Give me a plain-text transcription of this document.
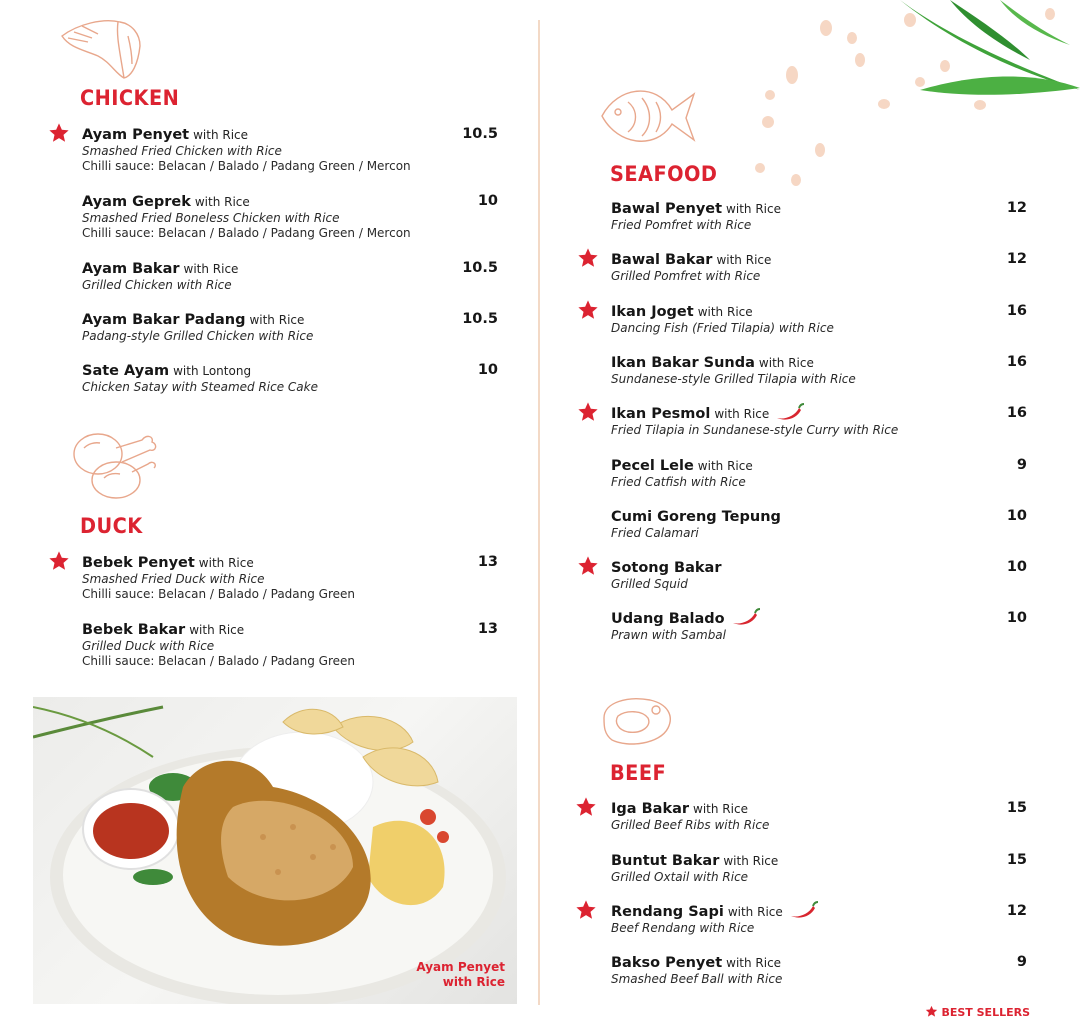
CHICKEN
Ayam Penyet with Rice
Smashed Fried Chicken with Rice
Chilli sauce: Belacan / Balado / Padang Green / Mercon
10.5
Ayam Geprek with Rice
Smashed Fried Boneless Chicken with Rice
Chilli sauce: Belacan / Balado / Padang Green / Mercon
10
Ayam Bakar with Rice
Grilled Chicken with Rice
10.5
Ayam Bakar Padang with Rice
Padang-style Grilled Chicken with Rice
10.5
Sate Ayam with Lontong
Chicken Satay with Steamed Rice Cake
10
DUCK
Bebek Penyet with Rice
Smashed Fried Duck with Rice
Chilli sauce: Belacan / Balado / Padang Green
13
Bebek Bakar with Rice
Grilled Duck with Rice
Chilli sauce: Belacan / Balado / Padang Green
13
Ayam Penyet
with Rice
SEAFOOD
Bawal Penyet with Rice
Fried Pomfret with Rice
12
Bawal Bakar with Rice
Grilled Pomfret with Rice
12
Ikan Joget with Rice
Dancing Fish (Fried Tilapia) with Rice
16
Ikan Bakar Sunda with Rice
Sundanese-style Grilled Tilapia with Rice
16
Ikan Pesmol with Rice
Fried Tilapia in Sundanese-style Curry with Rice
16
Pecel Lele with Rice
Fried Catfish with Rice
9
Cumi Goreng Tepung
Fried Calamari
10
Sotong Bakar
Grilled Squid
10
Udang Balado
Prawn with Sambal
10
BEEF
Iga Bakar with Rice
Grilled Beef Ribs with Rice
15
Buntut Bakar with Rice
Grilled Oxtail with Rice
15
Rendang Sapi with Rice
Beef Rendang with Rice
12
Bakso Penyet with Rice
Smashed Beef Ball with Rice
9
BEST SELLERS
